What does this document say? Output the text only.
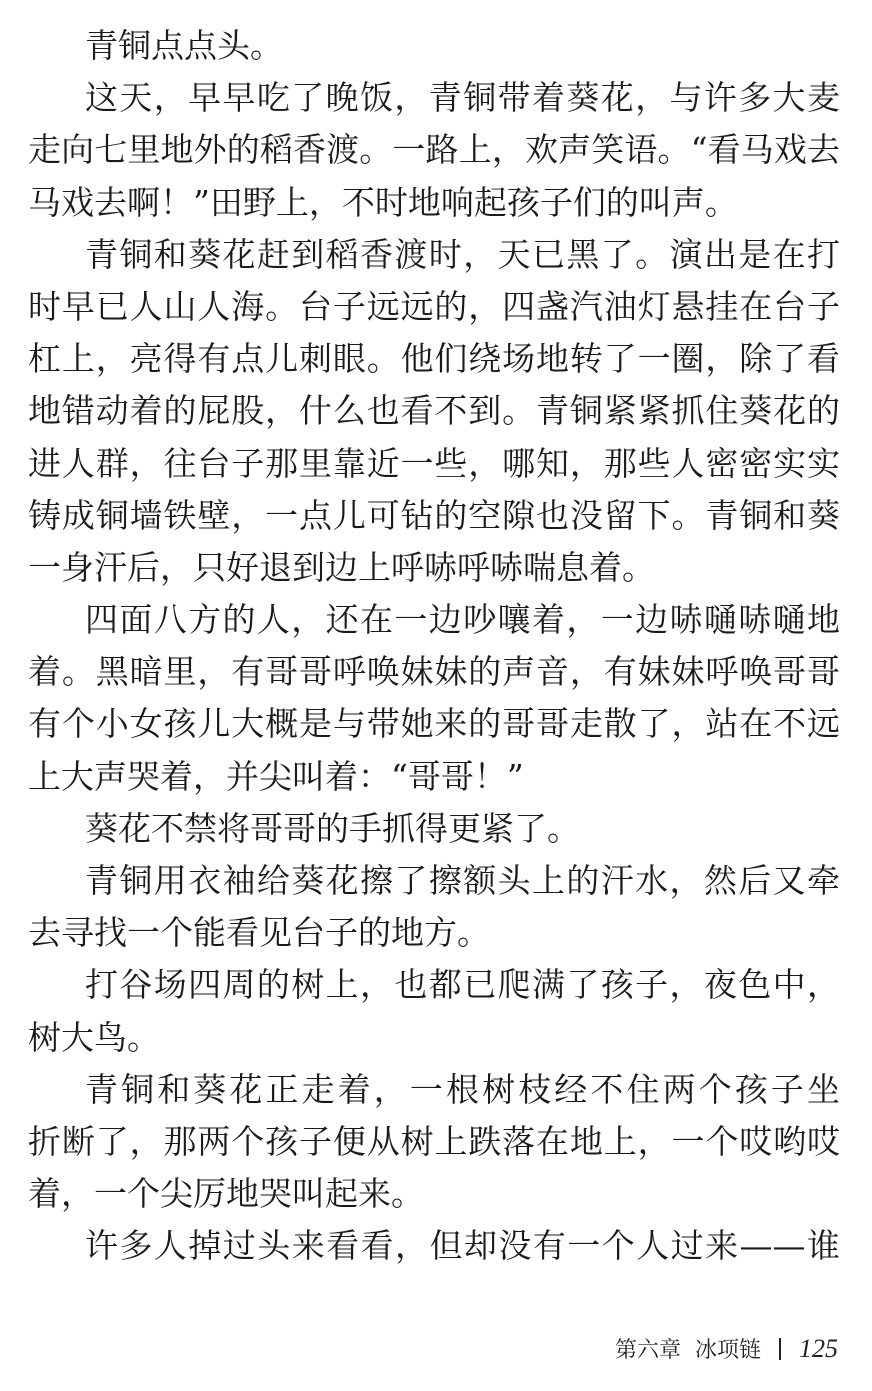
青铜点点头。
这天，早早吃了晚饭，青铜带着葵花，与许多大麦
走向七里地外的稻香渡。一路上，欢声笑语。“看马戏去
马戏去啊！”田野上，不时地响起孩子们的叫声。
青铜和葵花赶到稻香渡时，天已黑了。演出是在打
时早已人山人海。台子远远的，四盏汽油灯悬挂在台子
杠上，亮得有点儿刺眼。他们绕场地转了一圈，除了看
地错动着的屁股，什么也看不到。青铜紧紧抓住葵花的
进人群，往台子那里靠近一些，哪知，那些人密密实实
铸成铜墙铁壁，一点儿可钻的空隙也没留下。青铜和葵
一身汗后，只好退到边上呼哧呼哧喘息着。
四面八方的人，还在一边吵嚷着，一边哧嗵哧嗵地
着。黑暗里，有哥哥呼唤妹妹的声音，有妹妹呼唤哥哥
有个小女孩儿大概是与带她来的哥哥走散了，站在不远
上大声哭着，并尖叫着：“哥哥！”
葵花不禁将哥哥的手抓得更紧了。
青铜用衣袖给葵花擦了擦额头上的汗水，然后又牵
去寻找一个能看见台子的地方。
打谷场四周的树上，也都已爬满了孩子，夜色中，
树大鸟。
青铜和葵花正走着，一根树枝经不住两个孩子坐
折断了，那两个孩子便从树上跌落在地上，一个哎哟哎
着，一个尖厉地哭叫起来。
许多人掉过头来看看，但却没有一个人过来——谁
第六章 冰项链 125
